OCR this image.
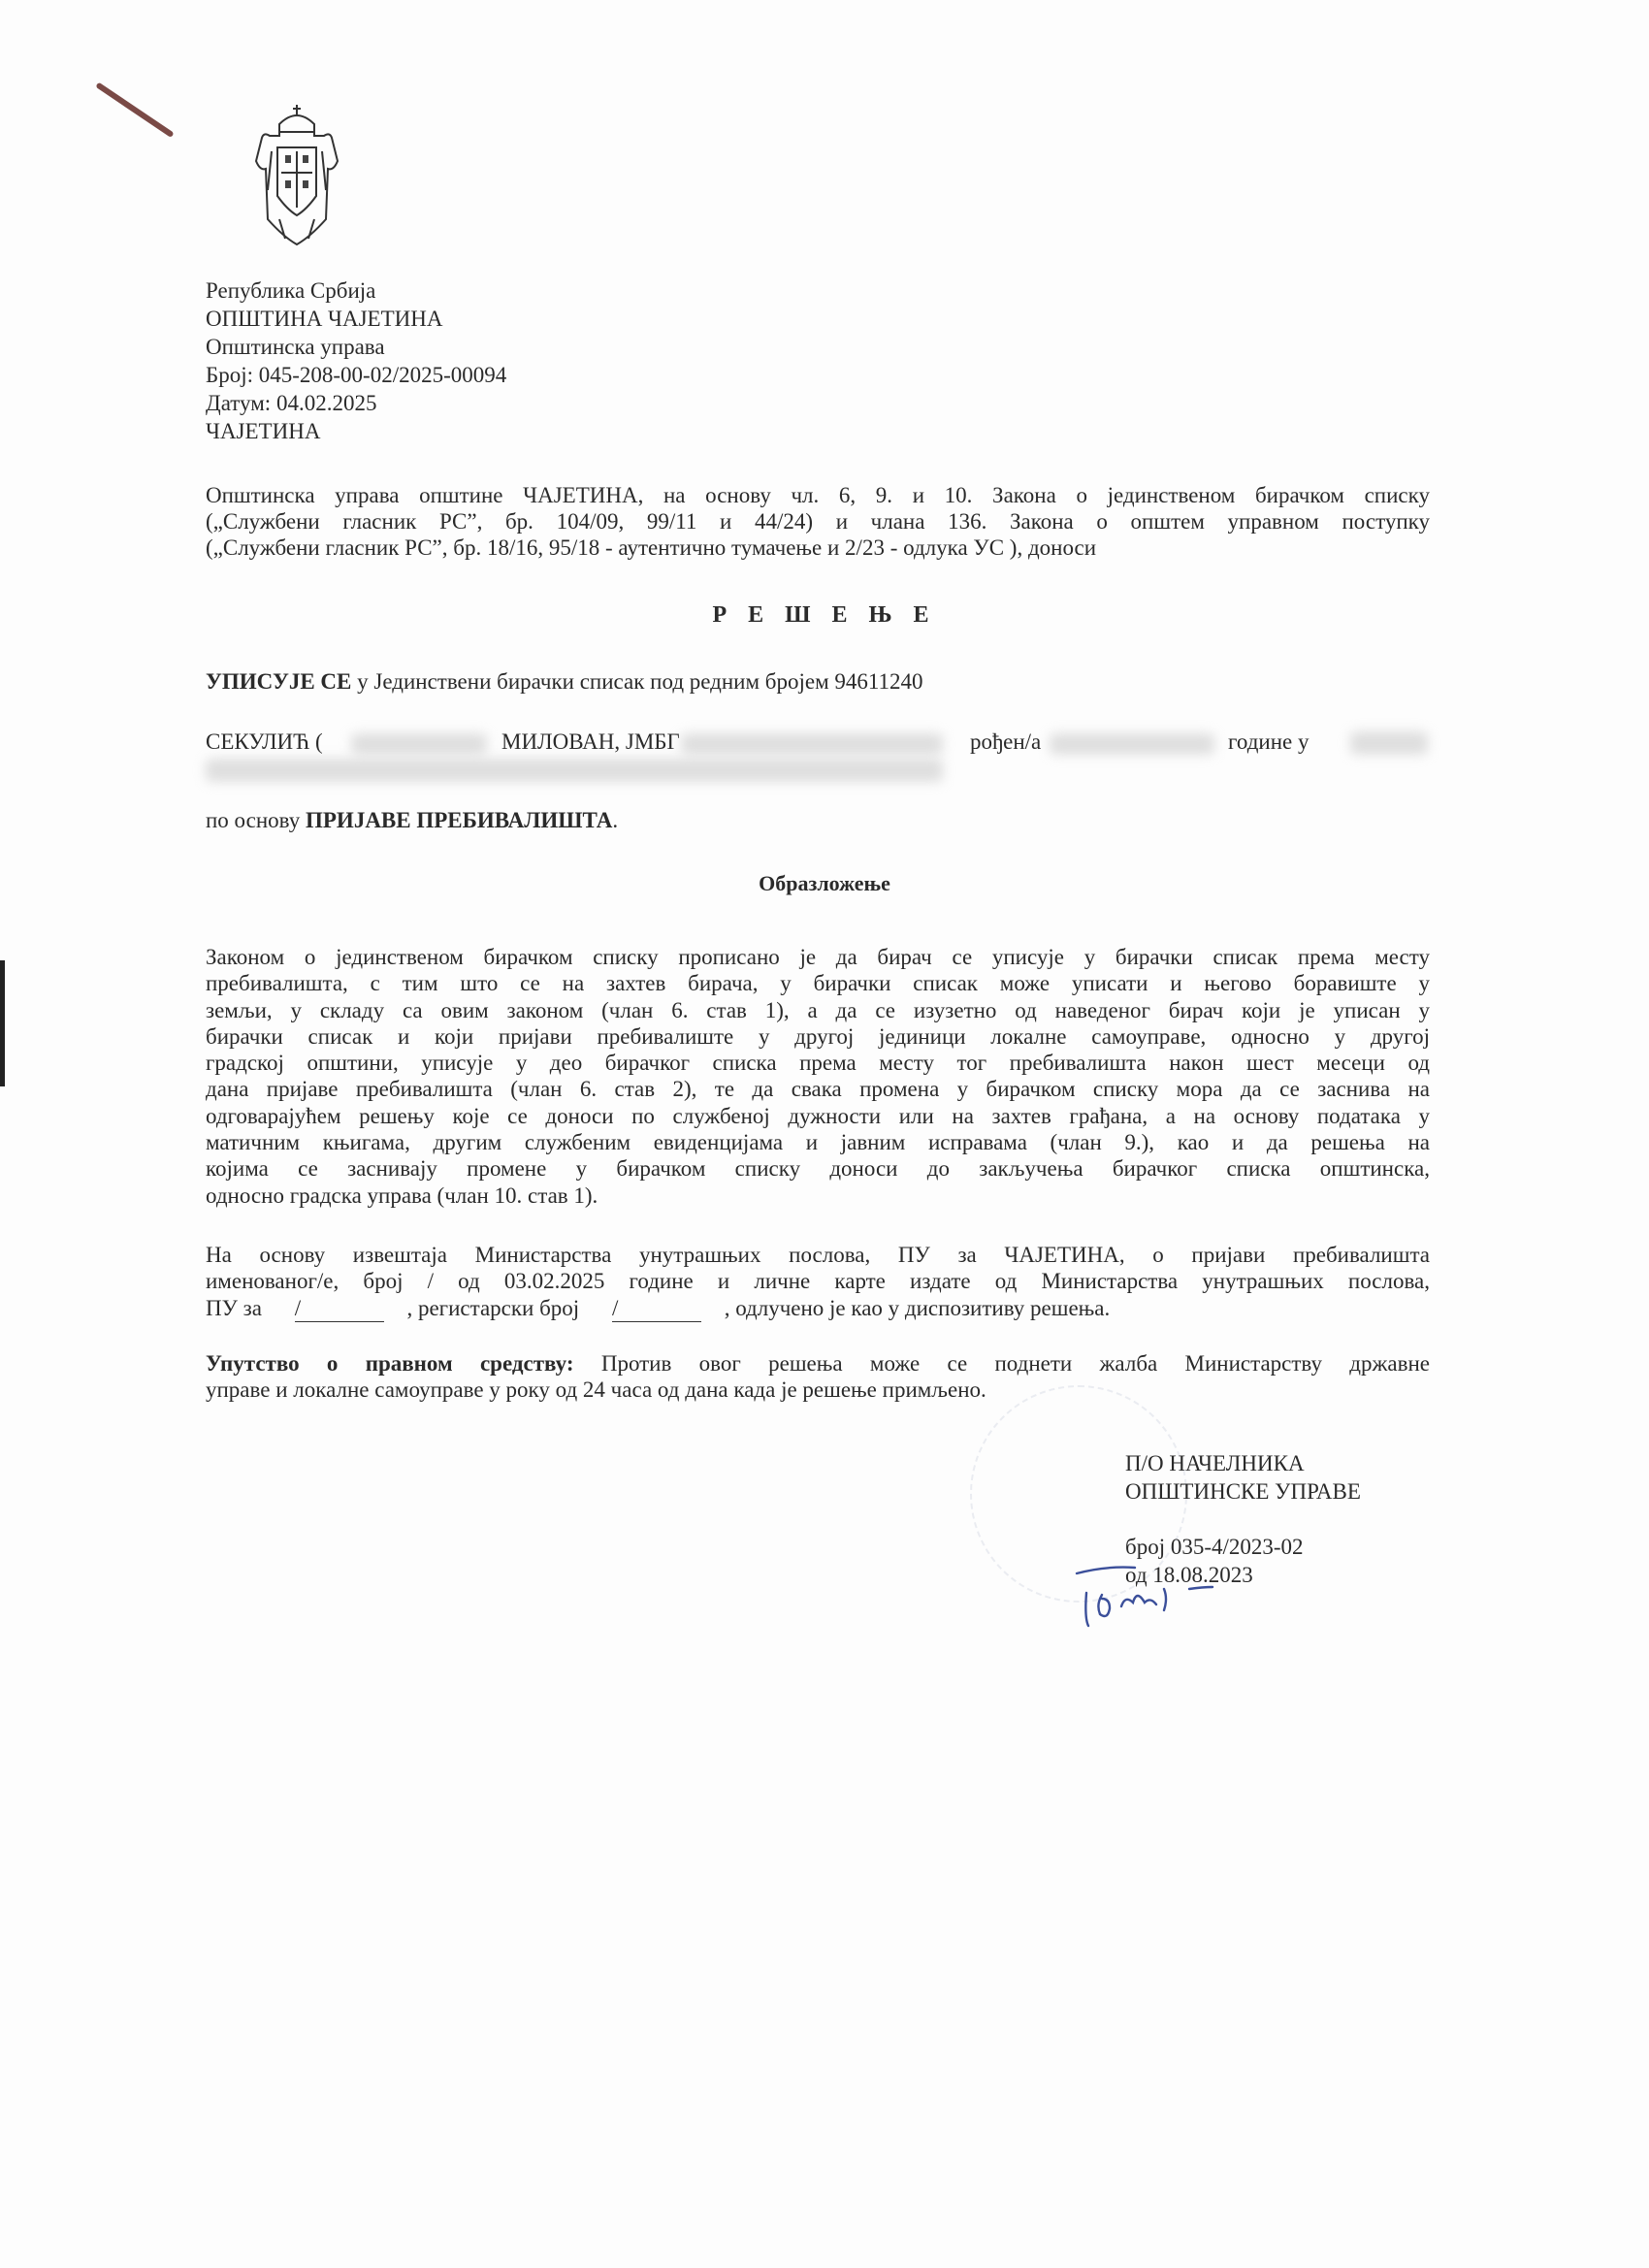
Република Србија
ОПШТИНА ЧАЈЕТИНА
Општинска управа
Број: 045-208-00-02/2025-00094
Датум: 04.02.2025
ЧАЈЕТИНА
Општинска управа општине ЧАЈЕТИНА, на основу чл. 6, 9. и 10. Закона о јединственом бирачком списку
(„Службени гласник РС”, бр. 104/09, 99/11 и 44/24) и члана 136. Закона о општем управном поступку
(„Службени гласник РС”, бр. 18/16, 95/18 - аутентично тумачење и 2/23 - одлука УС ), доноси
Р Е Ш Е Њ Е
УПИСУЈЕ СЕ у Јединствени бирачки списак под редним бројем 94611240
СЕКУЛИЋ (	МИЛОВАН, ЈМБГ	рођен/а	године у
по основу ПРИЈАВЕ ПРЕБИВАЛИШТА.
Образложење
Законом о јединственом бирачком списку прописано је да бирач се уписује у бирачки списак према месту
пребивалишта, с тим што се на захтев бирача, у бирачки списак може уписати и његово боравиште у
земљи, у складу са овим законом (члан 6. став 1), а да се изузетно од наведеног бирач који је уписан у
бирачки списак и који пријави пребивалиште у другој јединици локалне самоуправе, односно у другој
градској општини, уписује у део бирачког списка према месту тог пребивалишта након шест месеци од
дана пријаве пребивалишта (члан 6. став 2), те да свака промена у бирачком списку мора да се заснива на
одговарајућем решењу које се доноси по службеној дужности или на захтев грађана, а на основу података у
матичним књигама, другим службеним евиденцијама и јавним исправама (члан 9.), као и да решења на
којима се заснивају промене у бирачком списку доноси до закључења бирачког списка општинска,
односно градска управа (члан 10. став 1).
На основу извештаја Министарства унутрашњих послова, ПУ за ЧАЈЕТИНА, о пријави пребивалишта
именованог/е, број / од 03.02.2025 године и личне карте издате од Министарства унутрашњих послова,
ПУ за /	, регистарски број /	, одлучено је као у диспозитиву решења.
Упутство о правном средству: Против овог решења може се поднети жалба Министарству државне
управе и локалне самоуправе у року од 24 часа од дана када је решење примљено.
П/О НАЧЕЛНИКА
ОПШТИНСКЕ УПРАВЕ
број 035-4/2023-02
од 18.08.2023
